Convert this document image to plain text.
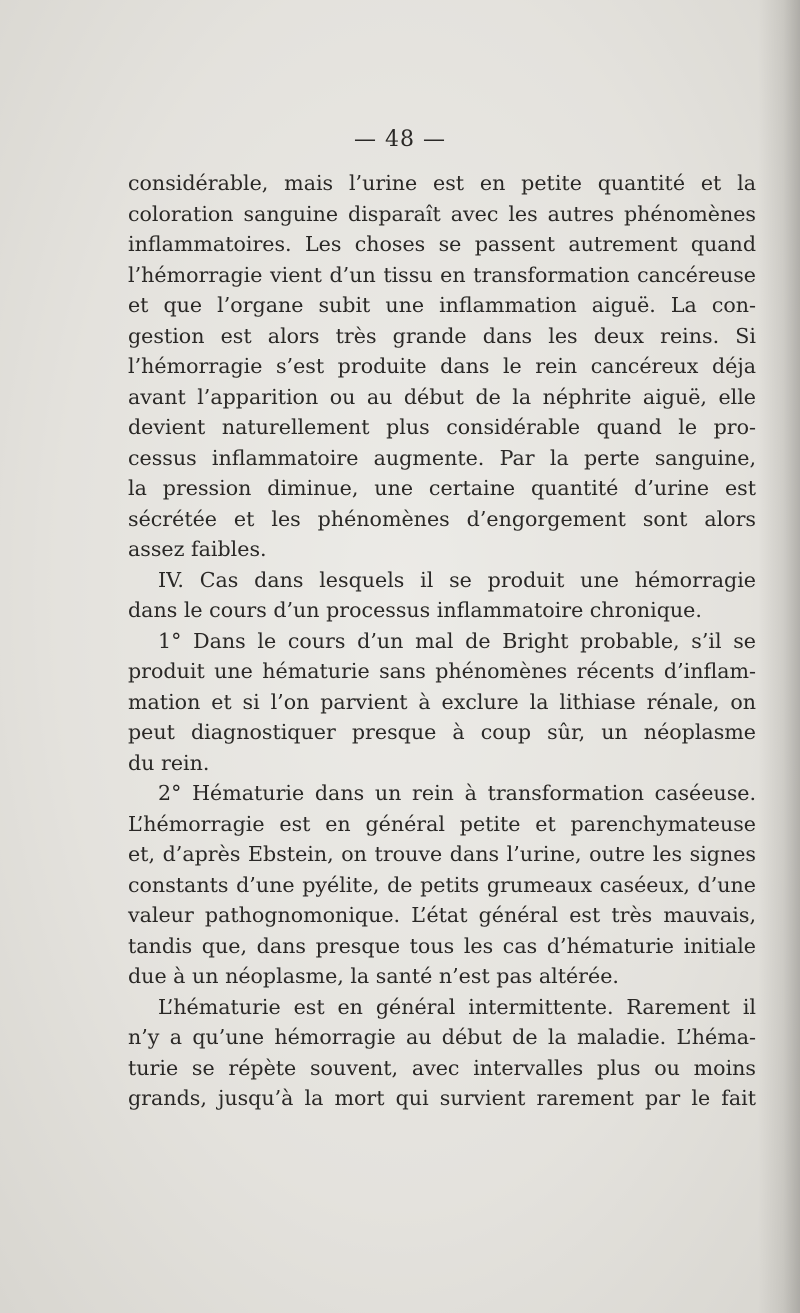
— 48 —
considérable, mais l’urine est en petite quantité et la
coloration sanguine disparaît avec les autres phénomènes
inflammatoires. Les choses se passent autrement quand
l’hémorragie vient d’un tissu en transformation cancéreuse
et que l’organe subit une inflammation aiguë. La con-
gestion est alors très grande dans les deux reins. Si
l’hémorragie s’est produite dans le rein cancéreux déja
avant l’apparition ou au début de la néphrite aiguë, elle
devient naturellement plus considérable quand le pro-
cessus inflammatoire augmente. Par la perte sanguine,
la pression diminue, une certaine quantité d’urine est
sécrétée et les phénomènes d’engorgement sont alors
assez faibles.
IV. Cas dans lesquels il se produit une hémorragie
dans le cours d’un processus inflammatoire chronique.
1° Dans le cours d’un mal de Bright probable, s’il se
produit une hématurie sans phénomènes récents d’inflam-
mation et si l’on parvient à exclure la lithiase rénale, on
peut diagnostiquer presque à coup sûr, un néoplasme
du rein.
2° Hématurie dans un rein à transformation caséeuse.
L’hémorragie est en général petite et parenchymateuse
et, d’après Ebstein, on trouve dans l’urine, outre les signes
constants d’une pyélite, de petits grumeaux caséeux, d’une
valeur pathognomonique. L’état général est très mauvais,
tandis que, dans presque tous les cas d’hématurie initiale
due à un néoplasme, la santé n’est pas altérée.
L’hématurie est en général intermittente. Rarement il
n’y a qu’une hémorragie au début de la maladie. L’héma-
turie se répète souvent, avec intervalles plus ou moins
grands, jusqu’à la mort qui survient rarement par le fait
